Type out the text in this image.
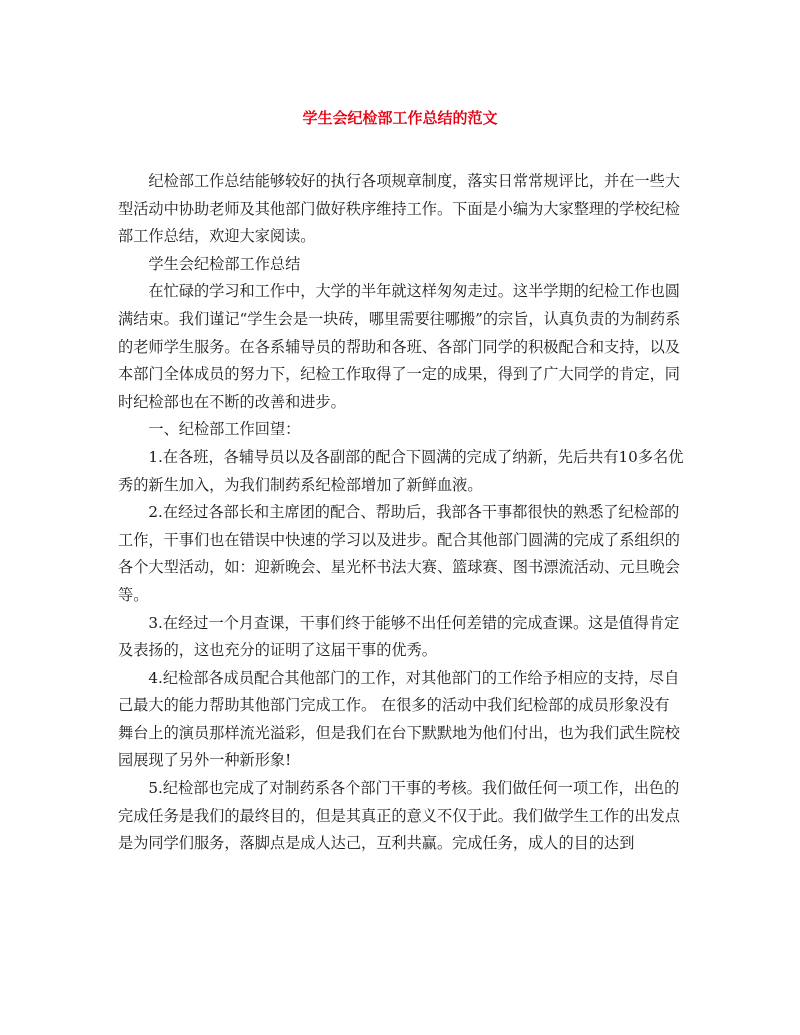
学生会纪检部工作总结的范文

纪检部工作总结能够较好的执行各项规章制度，落实日常常规评比，并在一些大型活动中协助老师及其他部门做好秩序维持工作。下面是小编为大家整理的学校纪检部工作总结，欢迎大家阅读。

学生会纪检部工作总结

在忙碌的学习和工作中，大学的半年就这样匆匆走过。这半学期的纪检工作也圆满结束。我们谨记“学生会是一块砖，哪里需要往哪搬”的宗旨，认真负责的为制药系的老师学生服务。在各系辅导员的帮助和各班、各部门同学的积极配合和支持，以及本部门全体成员的努力下，纪检工作取得了一定的成果，得到了广大同学的肯定，同时纪检部也在不断的改善和进步。

一、纪检部工作回望：

1.在各班，各辅导员以及各副部的配合下圆满的完成了纳新，先后共有10多名优秀的新生加入，为我们制药系纪检部增加了新鲜血液。

2.在经过各部长和主席团的配合、帮助后，我部各干事都很快的熟悉了纪检部的工作，干事们也在错误中快速的学习以及进步。配合其他部门圆满的完成了系组织的各个大型活动，如：迎新晚会、星光杯书法大赛、篮球赛、图书漂流活动、元旦晚会等。

3.在经过一个月查课，干事们终于能够不出任何差错的完成查课。这是值得肯定及表扬的，这也充分的证明了这届干事的优秀。

4.纪检部各成员配合其他部门的工作，对其他部门的工作给予相应的支持，尽自己最大的能力帮助其他部门完成工作。 在很多的活动中我们纪检部的成员形象没有舞台上的演员那样流光溢彩，但是我们在台下默默地为他们付出，也为我们武生院校园展现了另外一种新形象!

5.纪检部也完成了对制药系各个部门干事的考核。我们做任何一项工作，出色的完成任务是我们的最终目的，但是其真正的意义不仅于此。我们做学生工作的出发点是为同学们服务，落脚点是成人达己，互利共赢。完成任务，成人的目的达到
